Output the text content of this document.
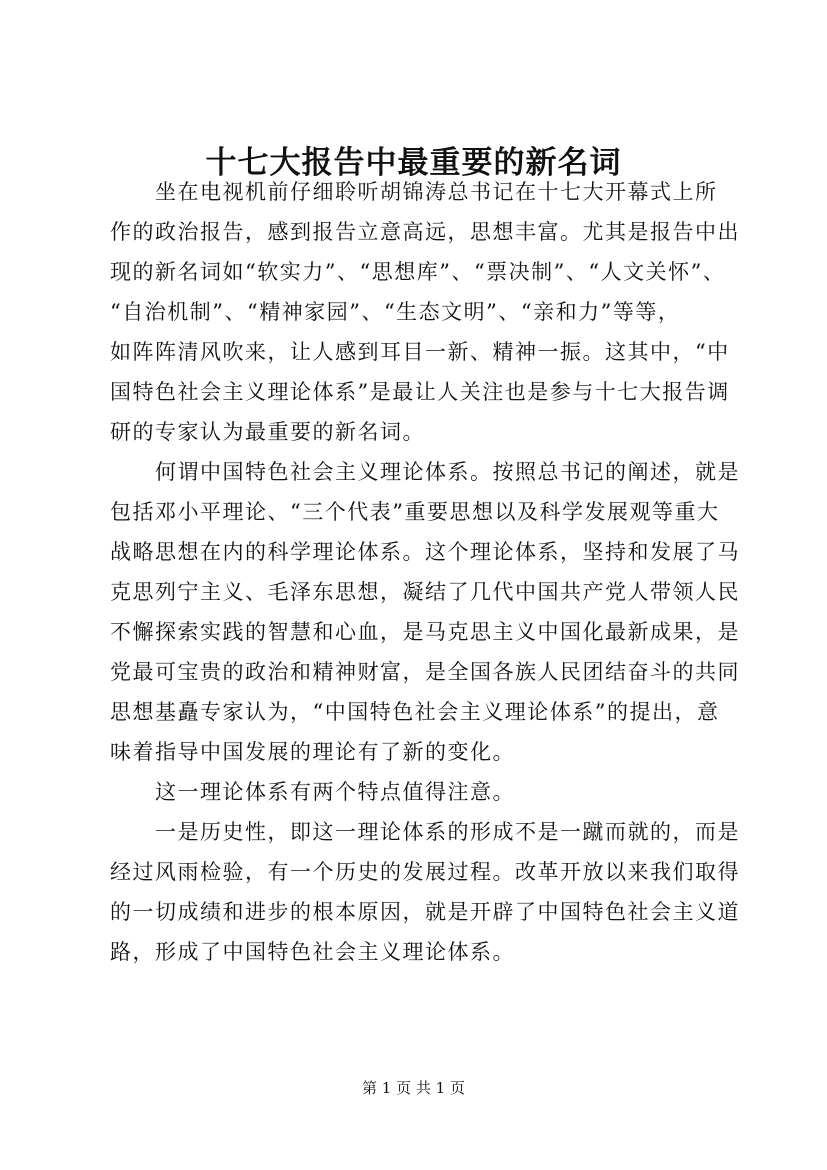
十七大报告中最重要的新名词
　　坐在电视机前仔细聆听胡锦涛总书记在十七大开幕式上所
作的政治报告，感到报告立意高远，思想丰富。尤其是报告中出
现的新名词如“软实力”、“思想库”、“票决制”、“人文关怀”、
“自治机制”、“精神家园”、“生态文明”、“亲和力”等等，
如阵阵清风吹来，让人感到耳目一新、精神一振。这其中，“中
国特色社会主义理论体系”是最让人关注也是参与十七大报告调
研的专家认为最重要的新名词。
　　何谓中国特色社会主义理论体系。按照总书记的阐述，就是
包括邓小平理论、“三个代表”重要思想以及科学发展观等重大
战略思想在内的科学理论体系。这个理论体系，坚持和发展了马
克思列宁主义、毛泽东思想，凝结了几代中国共产党人带领人民
不懈探索实践的智慧和心血，是马克思主义中国化最新成果，是
党最可宝贵的政治和精神财富，是全国各族人民团结奋斗的共同
思想基矗专家认为，“中国特色社会主义理论体系”的提出，意
味着指导中国发展的理论有了新的变化。
　　这一理论体系有两个特点值得注意。
　　一是历史性，即这一理论体系的形成不是一蹴而就的，而是
经过风雨检验，有一个历史的发展过程。改革开放以来我们取得
的一切成绩和进步的根本原因，就是开辟了中国特色社会主义道
路，形成了中国特色社会主义理论体系。
第 1 页 共 1 页
